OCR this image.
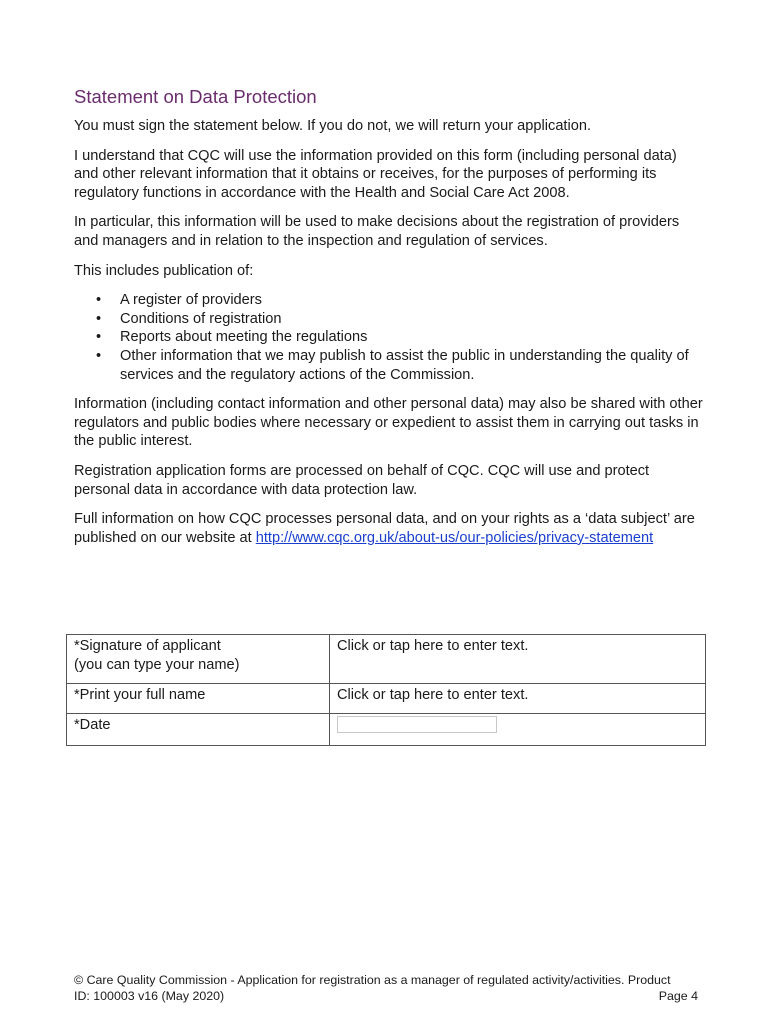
Statement on Data Protection

You must sign the statement below. If you do not, we will return your application.

I understand that CQC will use the information provided on this form (including personal data) and other relevant information that it obtains or receives, for the purposes of performing its regulatory functions in accordance with the Health and Social Care Act 2008.

In particular, this information will be used to make decisions about the registration of providers and managers and in relation to the inspection and regulation of services.

This includes publication of:

• A register of providers
• Conditions of registration
• Reports about meeting the regulations
• Other information that we may publish to assist the public in understanding the quality of services and the regulatory actions of the Commission.

Information (including contact information and other personal data) may also be shared with other regulators and public bodies where necessary or expedient to assist them in carrying out tasks in the public interest.

Registration application forms are processed on behalf of CQC. CQC will use and protect personal data in accordance with data protection law.

Full information on how CQC processes personal data, and on your rights as a ‘data subject’ are published on our website at http://www.cqc.org.uk/about-us/our-policies/privacy-statement

*Signature of applicant
(you can type your name)	Click or tap here to enter text.
*Print your full name	Click or tap here to enter text.
*Date	
© Care Quality Commission - Application for registration as a manager of regulated activity/activities. Product
ID: 100003 v16 (May 2020)	Page 4
